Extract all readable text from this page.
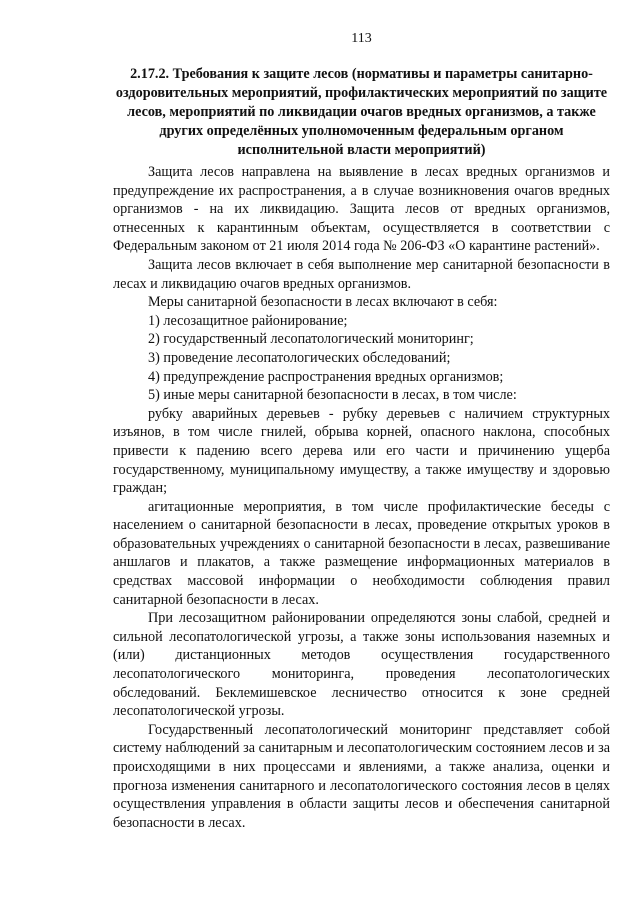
113
2.17.2. Требования к защите лесов (нормативы и параметры санитарно-оздоровительных мероприятий, профилактических мероприятий по защите лесов, мероприятий по ликвидации очагов вредных организмов, а также других определённых уполномоченным федеральным органом исполнительной власти мероприятий)

Защита лесов направлена на выявление в лесах вредных организмов и предупреждение их распространения, а в случае возникновения очагов вредных организмов - на их ликвидацию. Защита лесов от вредных организмов, отнесенных к карантинным объектам, осуществляется в соответствии с Федеральным законом от 21 июля 2014 года № 206-ФЗ «О карантине растений».

Защита лесов включает в себя выполнение мер санитарной безопасности в лесах и ликвидацию очагов вредных организмов.

Меры санитарной безопасности в лесах включают в себя:

1) лесозащитное районирование;

2) государственный лесопатологический мониторинг;

3) проведение лесопатологических обследований;

4) предупреждение распространения вредных организмов;

5) иные меры санитарной безопасности в лесах, в том числе:

рубку аварийных деревьев - рубку деревьев с наличием структурных изъянов, в том числе гнилей, обрыва корней, опасного наклона, способных привести к падению всего дерева или его части и причинению ущерба государственному, муниципальному имуществу, а также имуществу и здоровью граждан;

агитационные мероприятия, в том числе профилактические беседы с населением о санитарной безопасности в лесах, проведение открытых уроков в образовательных учреждениях о санитарной безопасности в лесах, развешивание аншлагов и плакатов, а также размещение информационных материалов в средствах массовой информации о необходимости соблюдения правил санитарной безопасности в лесах.

При лесозащитном районировании определяются зоны слабой, средней и сильной лесопатологической угрозы, а также зоны использования наземных и (или) дистанционных методов осуществления государственного лесопатологического мониторинга, проведения лесопатологических обследований. Беклемишевское лесничество относится к зоне средней лесопатологической угрозы.

Государственный лесопатологический мониторинг представляет собой систему наблюдений за санитарным и лесопатологическим состоянием лесов и за происходящими в них процессами и явлениями, а также анализа, оценки и прогноза изменения санитарного и лесопатологического состояния лесов в целях осуществления управления в области защиты лесов и обеспечения санитарной безопасности в лесах.
